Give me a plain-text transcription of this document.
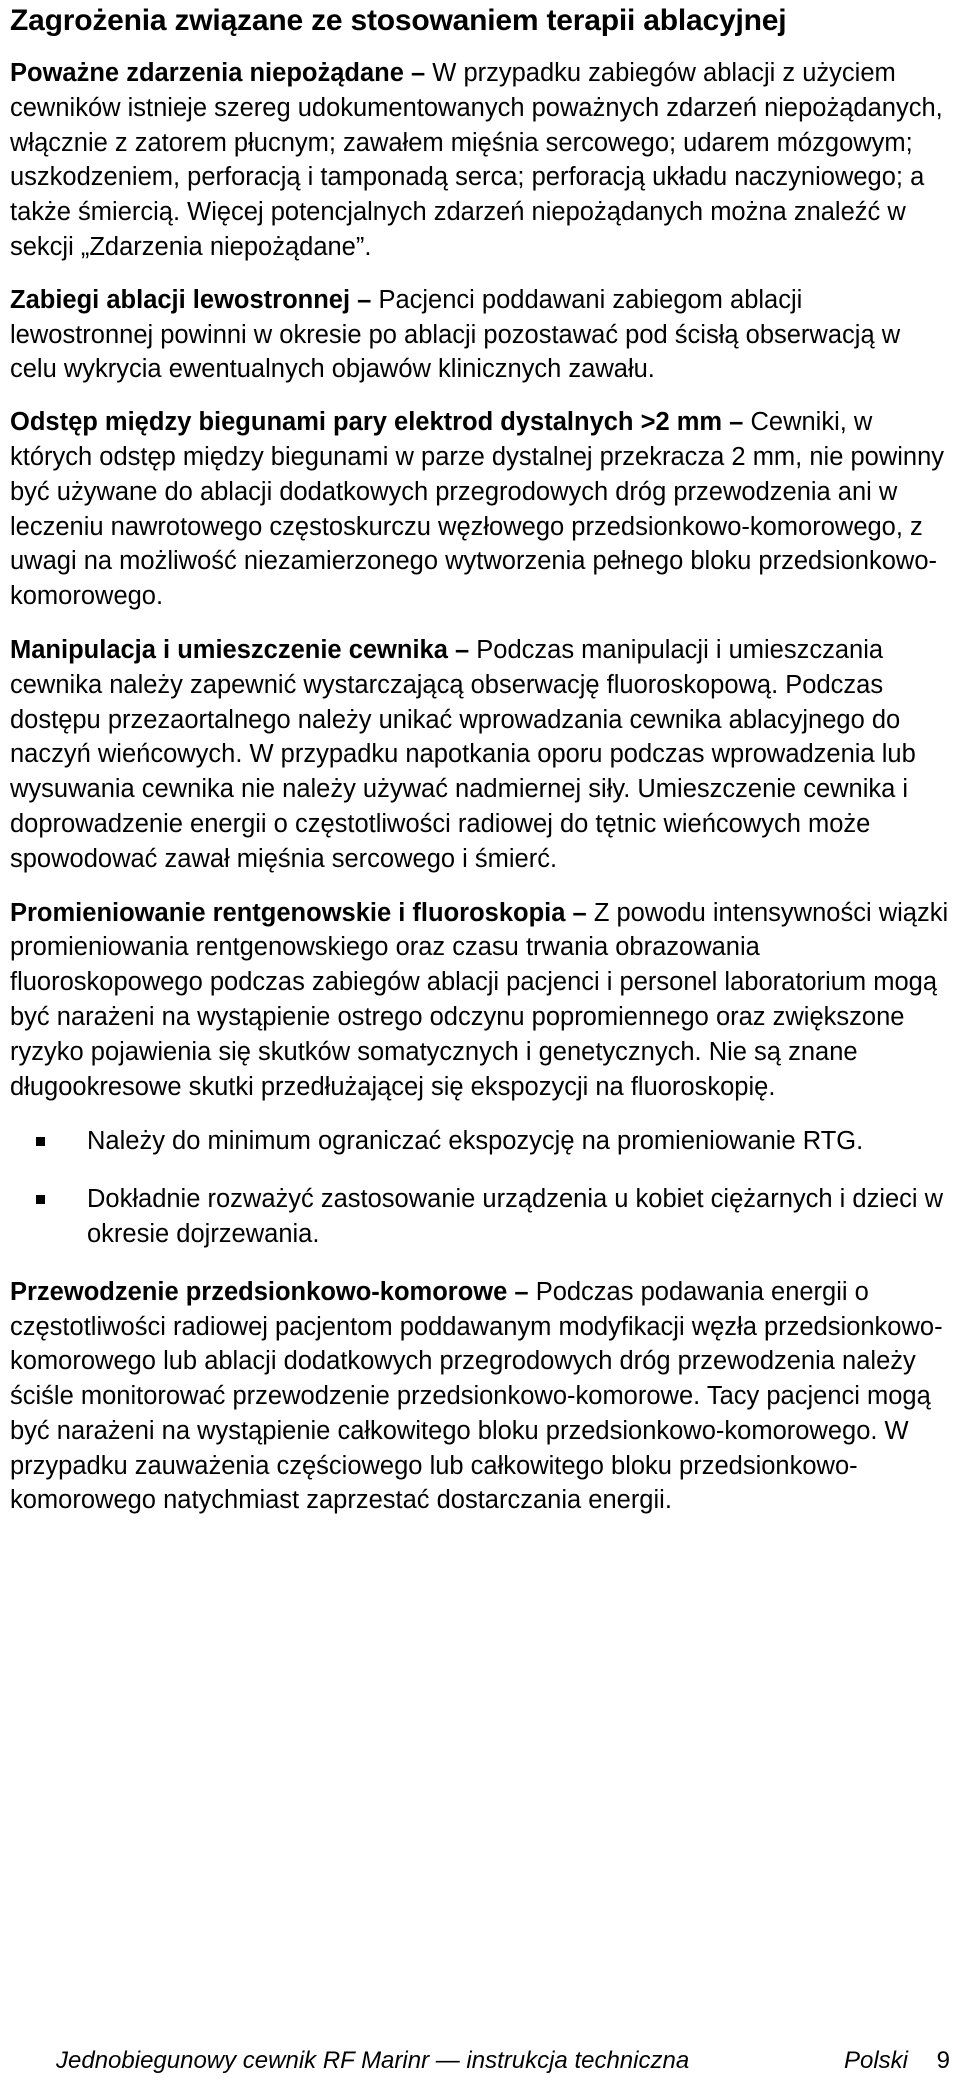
Zagrożenia związane ze stosowaniem terapii ablacyjnej

Poważne zdarzenia niepożądane – W przypadku zabiegów ablacji z użyciem cewników istnieje szereg udokumentowanych poważnych zdarzeń niepożądanych, włącznie z zatorem płucnym; zawałem mięśnia sercowego; udarem mózgowym; uszkodzeniem, perforacją i tamponadą serca; perforacją układu naczyniowego; a także śmiercią. Więcej potencjalnych zdarzeń niepożądanych można znaleźć w sekcji „Zdarzenia niepożądane”.

Zabiegi ablacji lewostronnej – Pacjenci poddawani zabiegom ablacji lewostronnej powinni w okresie po ablacji pozostawać pod ścisłą obserwacją w celu wykrycia ewentualnych objawów klinicznych zawału.

Odstęp między biegunami pary elektrod dystalnych >2 mm – Cewniki, w których odstęp między biegunami w parze dystalnej przekracza 2 mm, nie powinny być używane do ablacji dodatkowych przegrodowych dróg przewodzenia ani w leczeniu nawrotowego częstoskurczu węzłowego przedsionkowo-komorowego, z uwagi na możliwość niezamierzonego wytworzenia pełnego bloku przedsionkowo-komorowego.

Manipulacja i umieszczenie cewnika – Podczas manipulacji i umieszczania cewnika należy zapewnić wystarczającą obserwację fluoroskopową. Podczas dostępu przezaortalnego należy unikać wprowadzania cewnika ablacyjnego do naczyń wieńcowych. W przypadku napotkania oporu podczas wprowadzenia lub wysuwania cewnika nie należy używać nadmiernej siły. Umieszczenie cewnika i doprowadzenie energii o częstotliwości radiowej do tętnic wieńcowych może spowodować zawał mięśnia sercowego i śmierć.

Promieniowanie rentgenowskie i fluoroskopia – Z powodu intensywności wiązki promieniowania rentgenowskiego oraz czasu trwania obrazowania fluoroskopowego podczas zabiegów ablacji pacjenci i personel laboratorium mogą być narażeni na wystąpienie ostrego odczynu popromiennego oraz zwiększone ryzyko pojawienia się skutków somatycznych i genetycznych. Nie są znane długookresowe skutki przedłużającej się ekspozycji na fluoroskopię.

Należy do minimum ograniczać ekspozycję na promieniowanie RTG.
Dokładnie rozważyć zastosowanie urządzenia u kobiet ciężarnych i dzieci w okresie dojrzewania.

Przewodzenie przedsionkowo-komorowe – Podczas podawania energii o częstotliwości radiowej pacjentom poddawanym modyfikacji węzła przedsionkowo-komorowego lub ablacji dodatkowych przegrodowych dróg przewodzenia należy ściśle monitorować przewodzenie przedsionkowo-komorowe. Tacy pacjenci mogą być narażeni na wystąpienie całkowitego bloku przedsionkowo-komorowego. W przypadku zauważenia częściowego lub całkowitego bloku przedsionkowo-komorowego natychmiast zaprzestać dostarczania energii.

Jednobiegunowy cewnik RF Marinr — instrukcja techniczna	Polski 9
